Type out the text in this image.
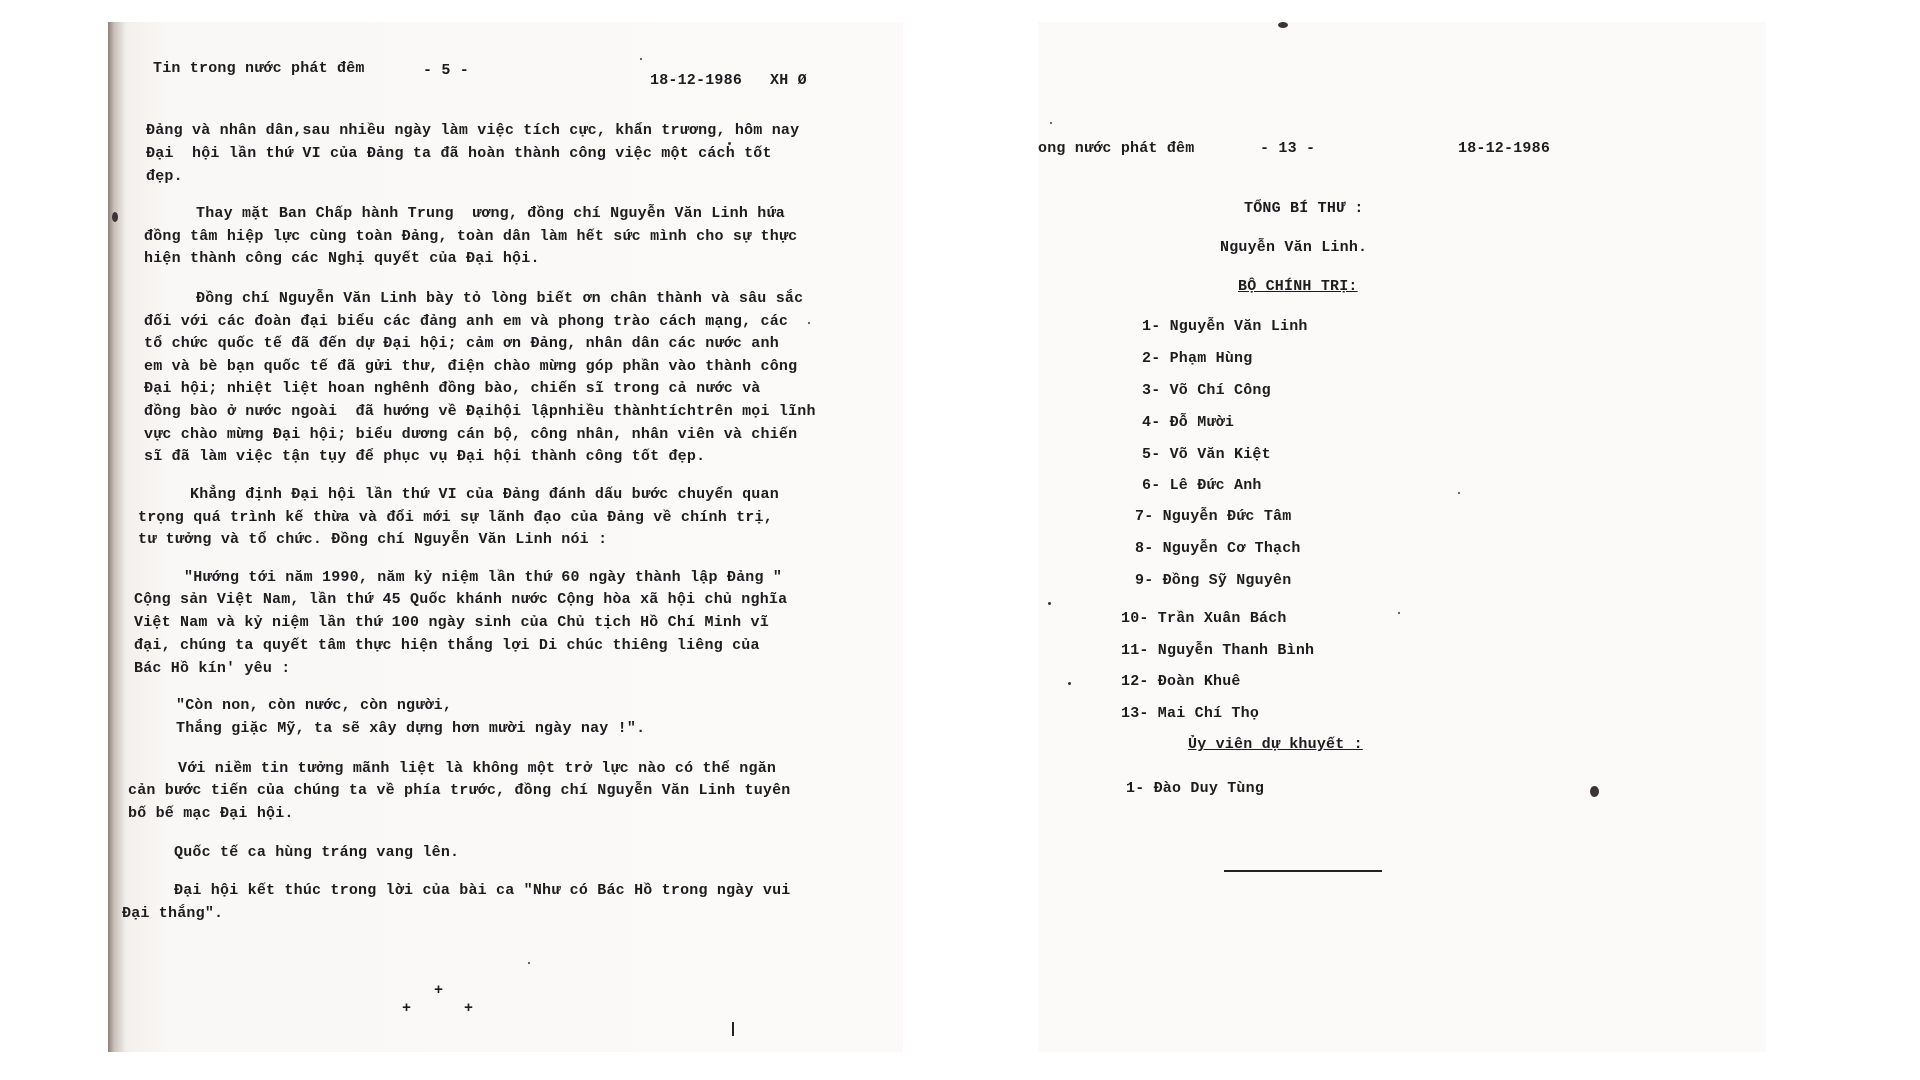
Tin trong nước phát đêm	- 5 -
18-12-1986 XH Ø
Đảng và nhân dân,sau nhiều ngày làm việc tích cực, khẩn trương, hôm nay
Đại  hội lần thứ VI của Đảng ta đã hoàn thành công việc một cách tốt
đẹp.
Thay mặt Ban Chấp hành Trung  ương, đồng chí Nguyễn Văn Linh hứa
đồng tâm hiệp lực cùng toàn Đảng, toàn dân làm hết sức mình cho sự thực
hiện thành công các Nghị quyết của Đại hội.
Đồng chí Nguyễn Văn Linh bày tỏ lòng biết ơn chân thành và sâu sắc
đối với các đoàn đại biểu các đảng anh em và phong trào cách mạng, các
tổ chức quốc tế đã đến dự Đại hội; cảm ơn Đảng, nhân dân các nước anh
em và bè bạn quốc tế đã gửi thư, điện chào mừng góp phần vào thành công
Đại hội; nhiệt liệt hoan nghênh đồng bào, chiến sĩ trong cả nước và
đồng bào ở nước ngoài  đã hướng về Đạihội lậpnhiều thànhtíchtrên mọi lĩnh
vực chào mừng Đại hội; biểu dương cán bộ, công nhân, nhân viên và chiến
sĩ đã làm việc tận tụy để phục vụ Đại hội thành công tốt đẹp.
Khẳng định Đại hội lần thứ VI của Đảng đánh dấu bước chuyển quan
trọng quá trình kế thừa và đổi mới sự lãnh đạo của Đảng về chính trị,
tư tưởng và tổ chức. Đồng chí Nguyễn Văn Linh nói :
"Hướng tới năm 1990, năm kỷ niệm lần thứ 60 ngày thành lập Đảng "
Cộng sản Việt Nam, lần thứ 45 Quốc khánh nước Cộng hòa xã hội chủ nghĩa
Việt Nam và kỷ niệm lần thứ 100 ngày sinh của Chủ tịch Hồ Chí Minh vĩ
đại, chúng ta quyết tâm thực hiện thắng lợi Di chúc thiêng liêng của
Bác Hồ kín' yêu :
"Còn non, còn nước, còn người,
Thắng giặc Mỹ, ta sẽ xây dựng hơn mười ngày nay !".
Với niềm tin tưởng mãnh liệt là không một trở lực nào có thể ngăn
cản bước tiến của chúng ta về phía trước, đồng chí Nguyễn Văn Linh tuyên
bố bế mạc Đại hội.
Quốc tế ca hùng tráng vang lên.
Đại hội kết thúc trong lời của bài ca "Như có Bác Hồ trong ngày vui
Đại thắng".
+
+	+
ong nước phát đêm	- 13 -	18-12-1986
TỔNG BÍ THƯ :
Nguyễn Văn Linh.
BỘ CHÍNH TRỊ:
1- Nguyễn Văn Linh
2- Phạm Hùng
3- Võ Chí Công
4- Đỗ Mười
5- Võ Văn Kiệt
6- Lê Đức Anh
7- Nguyễn Đức Tâm
8- Nguyễn Cơ Thạch
9- Đồng Sỹ Nguyên
10- Trần Xuân Bách
11- Nguyễn Thanh Bình
12- Đoàn Khuê
13- Mai Chí Thọ
Ủy viên dự khuyết :
1- Đào Duy Tùng
